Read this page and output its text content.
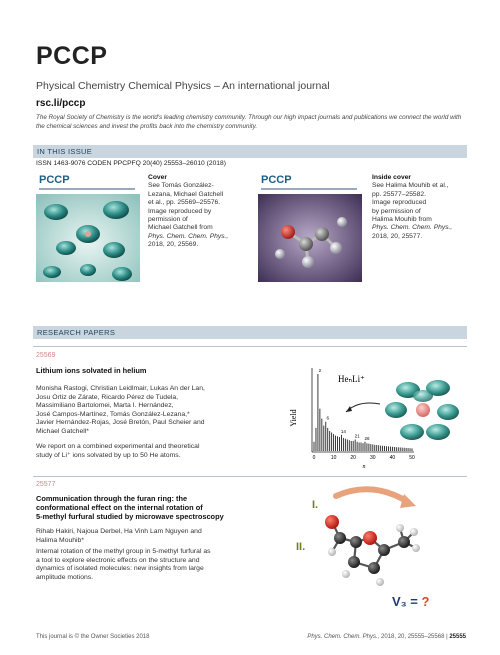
PCCP
Physical Chemistry Chemical Physics – An international journal
rsc.li/pccp
The Royal Society of Chemistry is the world's leading chemistry community. Through our high impact journals and publications we connect the world with the chemical sciences and invest the profits back into the chemistry community.
IN THIS ISSUE
ISSN 1463-9076 CODEN PPCPFQ 20(40) 25553–26010 (2018)
PCCP	Cover
See Tomás González-
Lezana, Michael Gatchell
et al., pp. 25569–25576.
Image reproduced by
permission of
Michael Gatchell from
Phys. Chem. Chem. Phys.,
2018, 20, 25569.
PCCP	Inside cover
See Halima Mouhib et al.,
pp. 25577–25582.
Image reproduced
by permission of
Halima Mouhib from
Phys. Chem. Chem. Phys.,
2018, 20, 25577.
RESEARCH PAPERS
25569
Lithium ions solvated in helium
Monisha Rastogi, Christian Leidlmair, Lukas An der Lan,
Josu Ortiz de Zárate, Ricardo Pérez de Tudela,
Massimiliano Bartolomei, Marta I. Hernández,
José Campos-Martínez, Tomás González-Lezana,*
Javier Hernández-Rojas, José Bretón, Paul Scheier and
Michael Gatchell*
We report on a combined experimental and theoretical
study of Li⁺ ions solvated by up to 50 He atoms.
Yield
n
0	10	20	30	40	50
2
6
14
21 26
HeₙLi⁺
25577
Communication through the furan ring: the
conformational effect on the internal rotation of
5-methyl furfural studied by microwave spectroscopy
Rihab Hakiri, Najoua Derbel, Ha Vinh Lam Nguyen and
Halima Mouhib*
Internal rotation of the methyl group in 5-methyl furfural as
a tool to explore electronic effects on the structure and
dynamics of isolated molecules: new insights from large
amplitude motions.
I.
II.
V₃ = ?
This journal is © the Owner Societies 2018	Phys. Chem. Chem. Phys., 2018, 20, 25555–25568 | 25555
